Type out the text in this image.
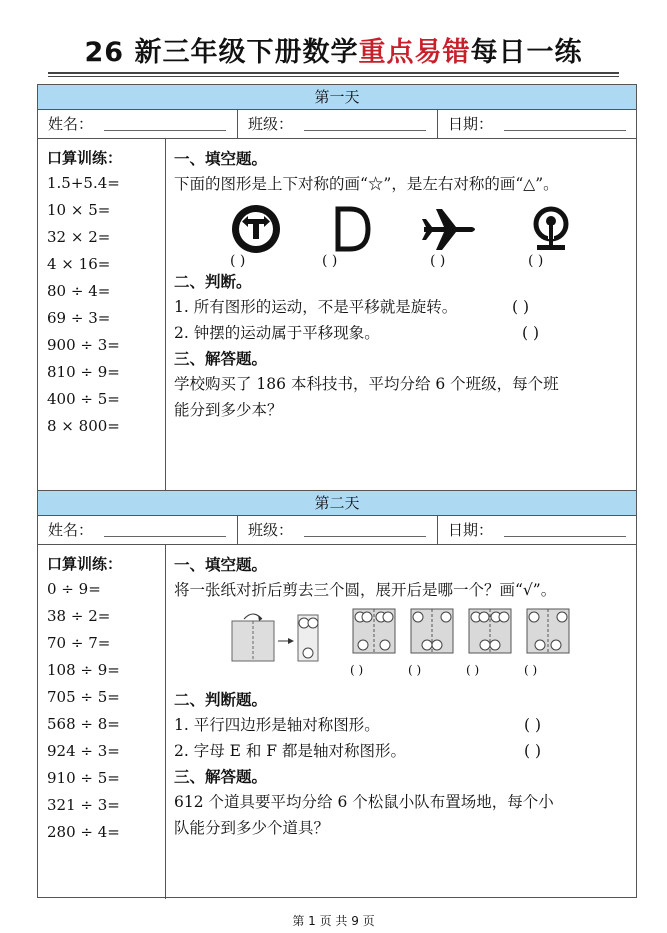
26 新三年级下册数学重点易错每日一练
第一天
姓名：	班级：	日期：
口算训练：
1.5+5.4=
10 × 5=
32 × 2=
4 × 16=
80 ÷ 4=
69 ÷ 3=
900 ÷ 3=
810 ÷ 9=
400 ÷ 5=
8 × 800=
一、填空题。
下面的图形是上下对称的画“☆”，是左右对称的画“△”。
( )	( )	( )	( )
二、判断。
1. 所有图形的运动，不是平移就是旋转。	( )
2. 钟摆的运动属于平移现象。	( )
三、解答题。
学校购买了 186 本科技书，平均分给 6 个班级，每个班
能分到多少本？
第二天
姓名：	班级：	日期：
口算训练：
0 ÷ 9=
38 ÷ 2=
70 ÷ 7=
108 ÷ 9=
705 ÷ 5=
568 ÷ 8=
924 ÷ 3=
910 ÷ 5=
321 ÷ 3=
280 ÷ 4=
一、填空题。
将一张纸对折后剪去三个圆，展开后是哪一个？画“√”。
( )	( )	( )	( )
二、判断题。
1. 平行四边形是轴对称图形。	( )
2. 字母 E 和 F 都是轴对称图形。	( )
三、解答题。
612 个道具要平均分给 6 个松鼠小队布置场地，每个小
队能分到多少个道具？
第 1 页 共 9 页
